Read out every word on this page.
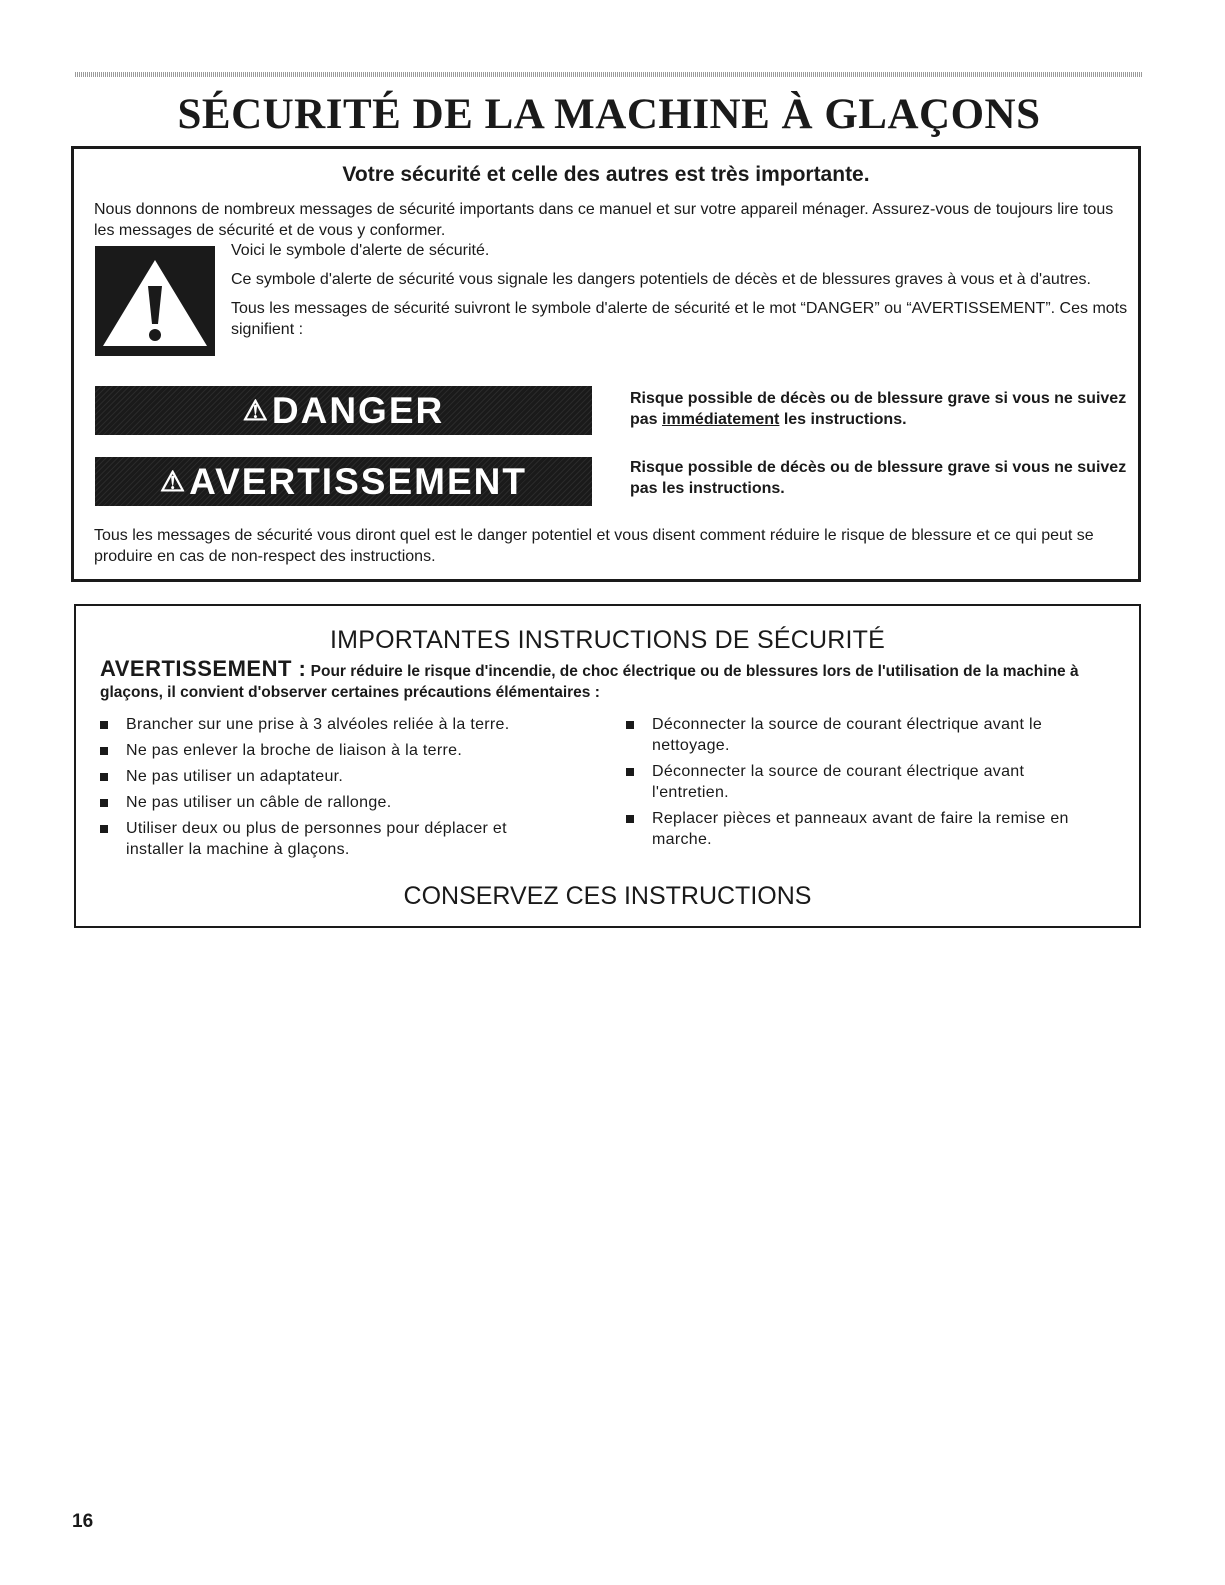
SÉCURITÉ DE LA MACHINE À GLAÇONS
Votre sécurité et celle des autres est très importante.

Nous donnons de nombreux messages de sécurité importants dans ce manuel et sur votre appareil ménager. Assurez-vous de toujours lire tous les messages de sécurité et de vous y conformer.

Voici le symbole d'alerte de sécurité.

Ce symbole d'alerte de sécurité vous signale les dangers potentiels de décès et de blessures graves à vous et à d'autres.

Tous les messages de sécurité suivront le symbole d'alerte de sécurité et le mot “DANGER” ou “AVERTISSEMENT”. Ces mots signifient :

⚠ DANGER	Risque possible de décès ou de blessure grave si vous ne suivez pas immédiatement les instructions.

⚠ AVERTISSEMENT	Risque possible de décès ou de blessure grave si vous ne suivez pas les instructions.

Tous les messages de sécurité vous diront quel est le danger potentiel et vous disent comment réduire le risque de blessure et ce qui peut se produire en cas de non-respect des instructions.

IMPORTANTES INSTRUCTIONS DE SÉCURITÉ

AVERTISSEMENT : Pour réduire le risque d'incendie, de choc électrique ou de blessures lors de l'utilisation de la machine à glaçons, il convient d'observer certaines précautions élémentaires :

Brancher sur une prise à 3 alvéoles reliée à la terre.
Ne pas enlever la broche de liaison à la terre.
Ne pas utiliser un adaptateur.
Ne pas utiliser un câble de rallonge.
Utiliser deux ou plus de personnes pour déplacer et installer la machine à glaçons.
Déconnecter la source de courant électrique avant le nettoyage.
Déconnecter la source de courant électrique avant l'entretien.
Replacer pièces et panneaux avant de faire la remise en marche.
CONSERVEZ CES INSTRUCTIONS
16
